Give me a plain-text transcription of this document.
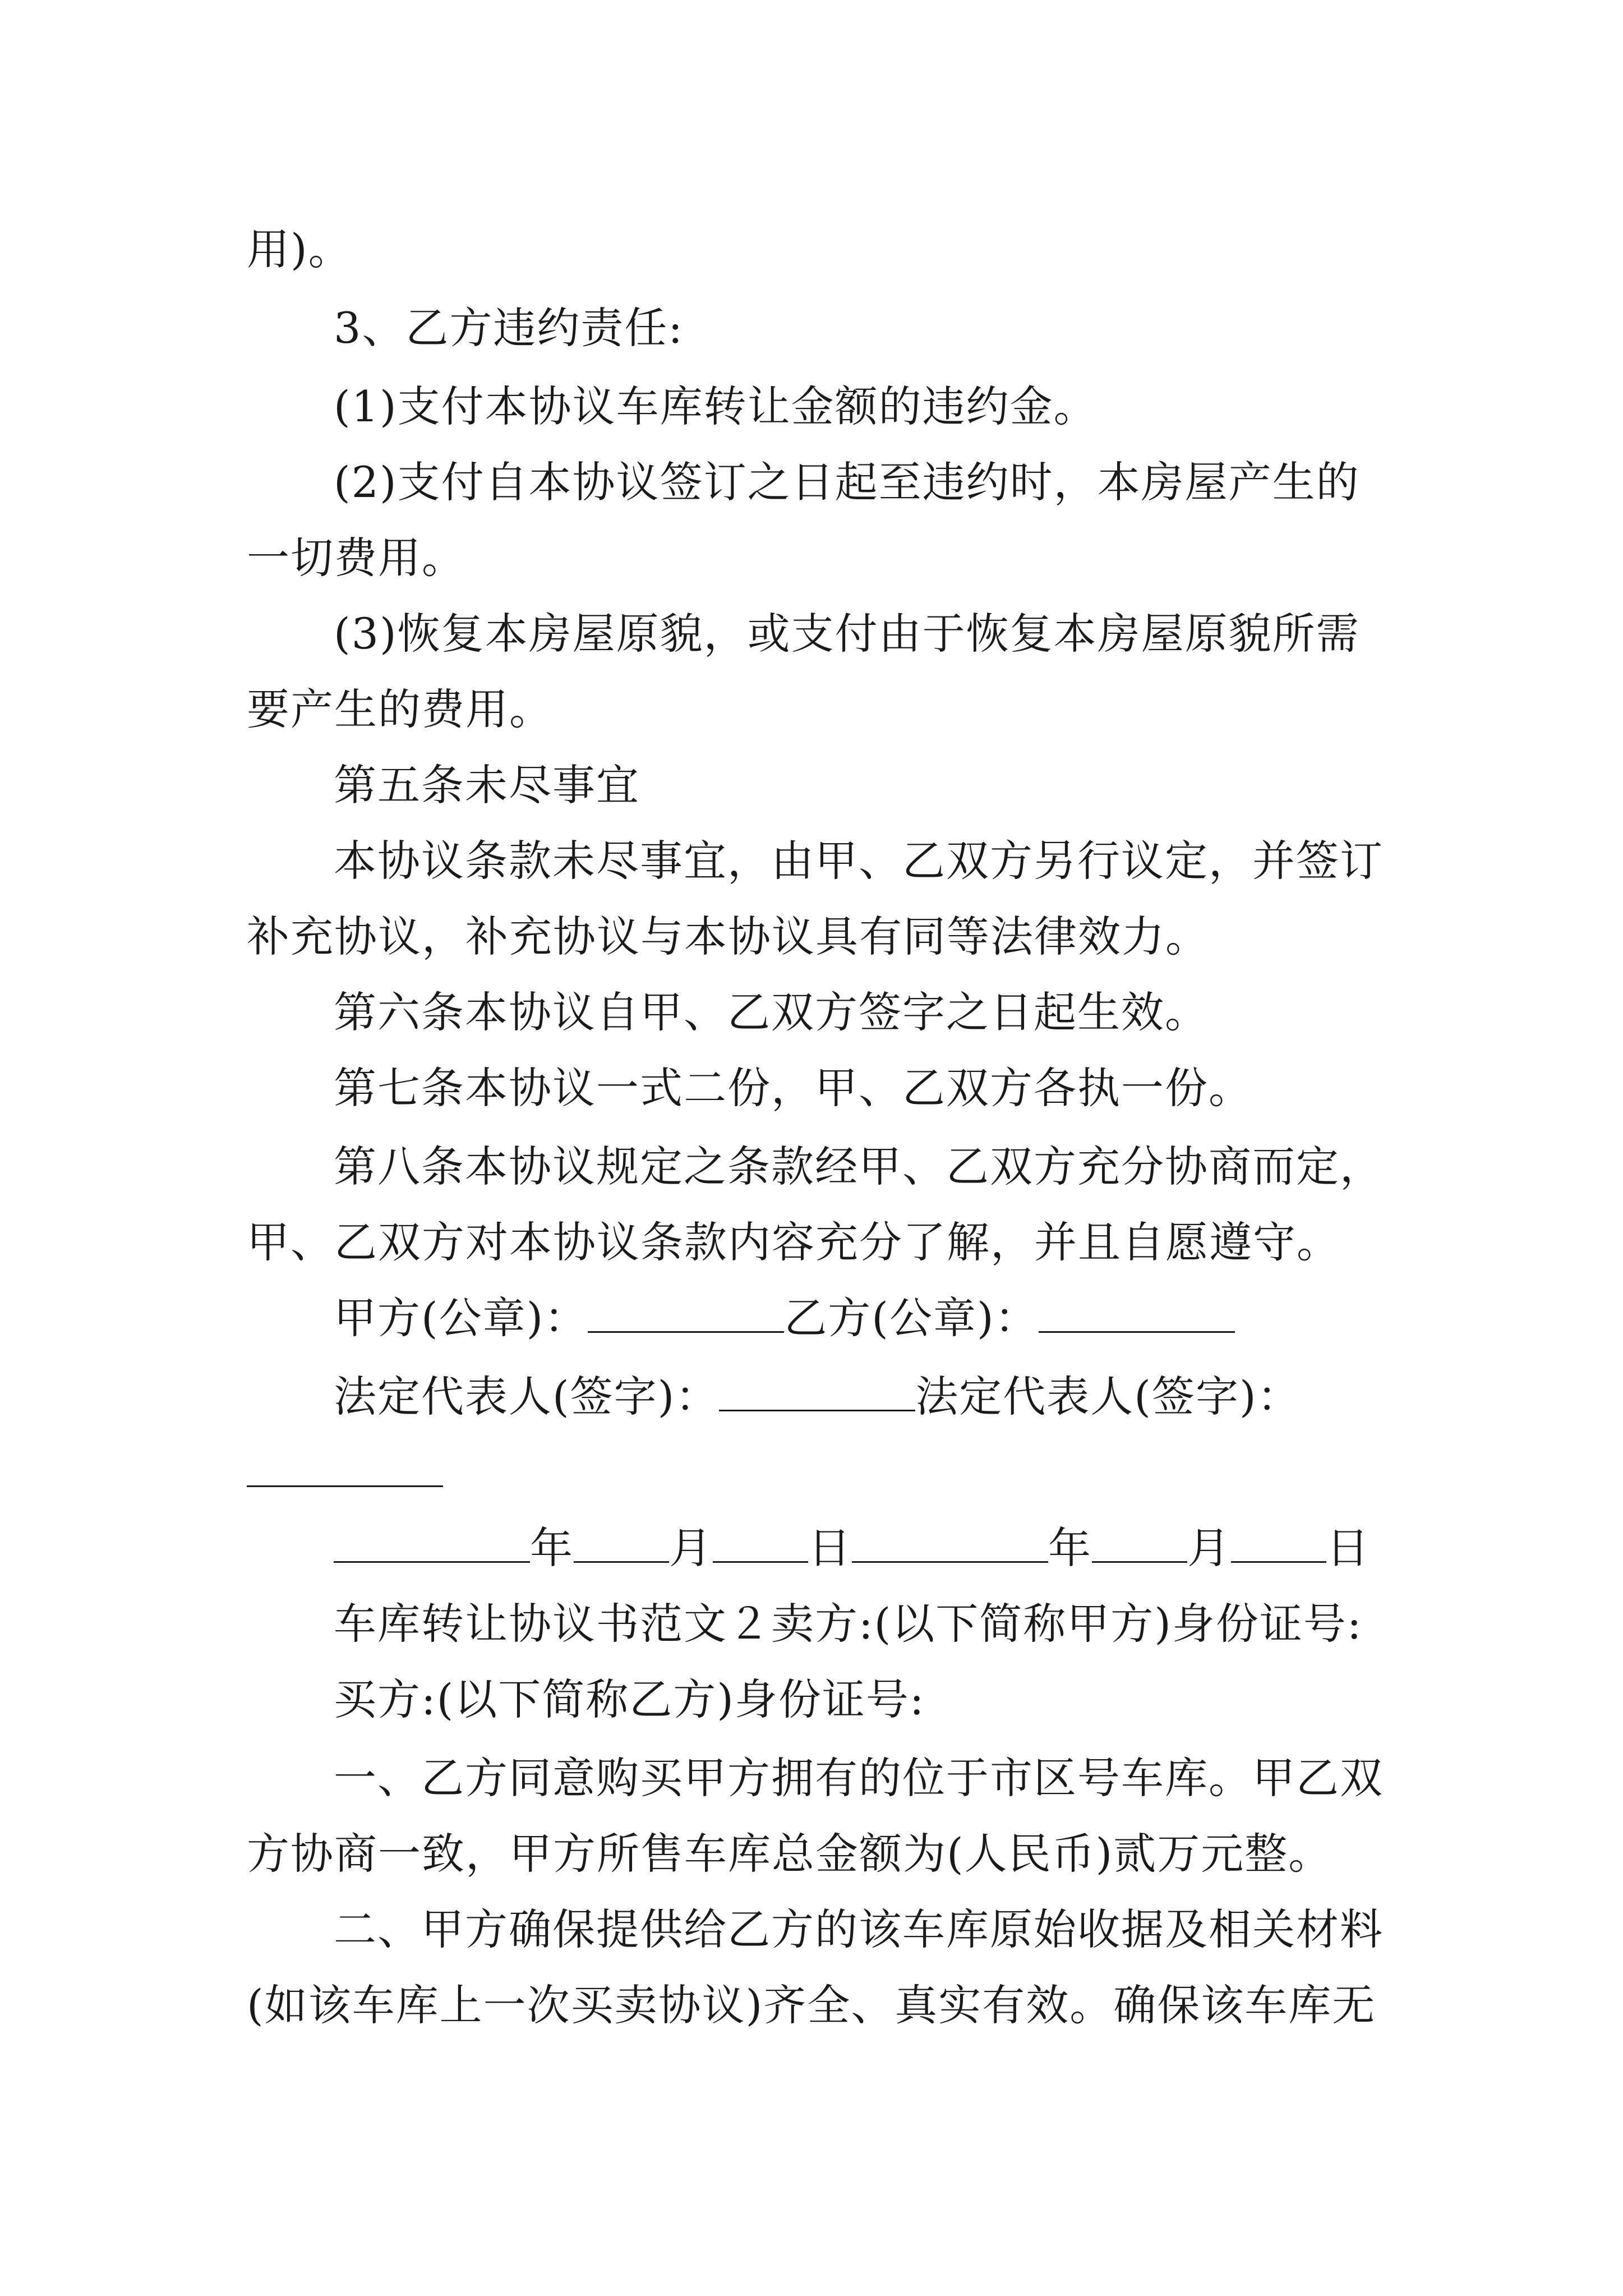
用)。
3、乙方违约责任:
(1)支付本协议车库转让金额的违约金。
(2)支付自本协议签订之日起至违约时，本房屋产生的
一切费用。
(3)恢复本房屋原貌，或支付由于恢复本房屋原貌所需
要产生的费用。
第五条未尽事宜
本协议条款未尽事宜，由甲、乙双方另行议定，并签订
补充协议，补充协议与本协议具有同等法律效力。
第六条本协议自甲、乙双方签字之日起生效。
第七条本协议一式二份，甲、乙双方各执一份。
第八条本协议规定之条款经甲、乙双方充分协商而定，
甲、乙双方对本协议条款内容充分了解，并且自愿遵守。
甲方(公章)：	乙方(公章)：
法定代表人(签字)：	法定代表人(签字)：
年 月 日	年 月 日
车库转让协议书范文２卖方:(以下简称甲方)身份证号:
买方:(以下简称乙方)身份证号:
一、乙方同意购买甲方拥有的位于市区号车库。甲乙双
方协商一致，甲方所售车库总金额为(人民币)贰万元整。
二、甲方确保提供给乙方的该车库原始收据及相关材料
(如该车库上一次买卖协议)齐全、真实有效。确保该车库无
